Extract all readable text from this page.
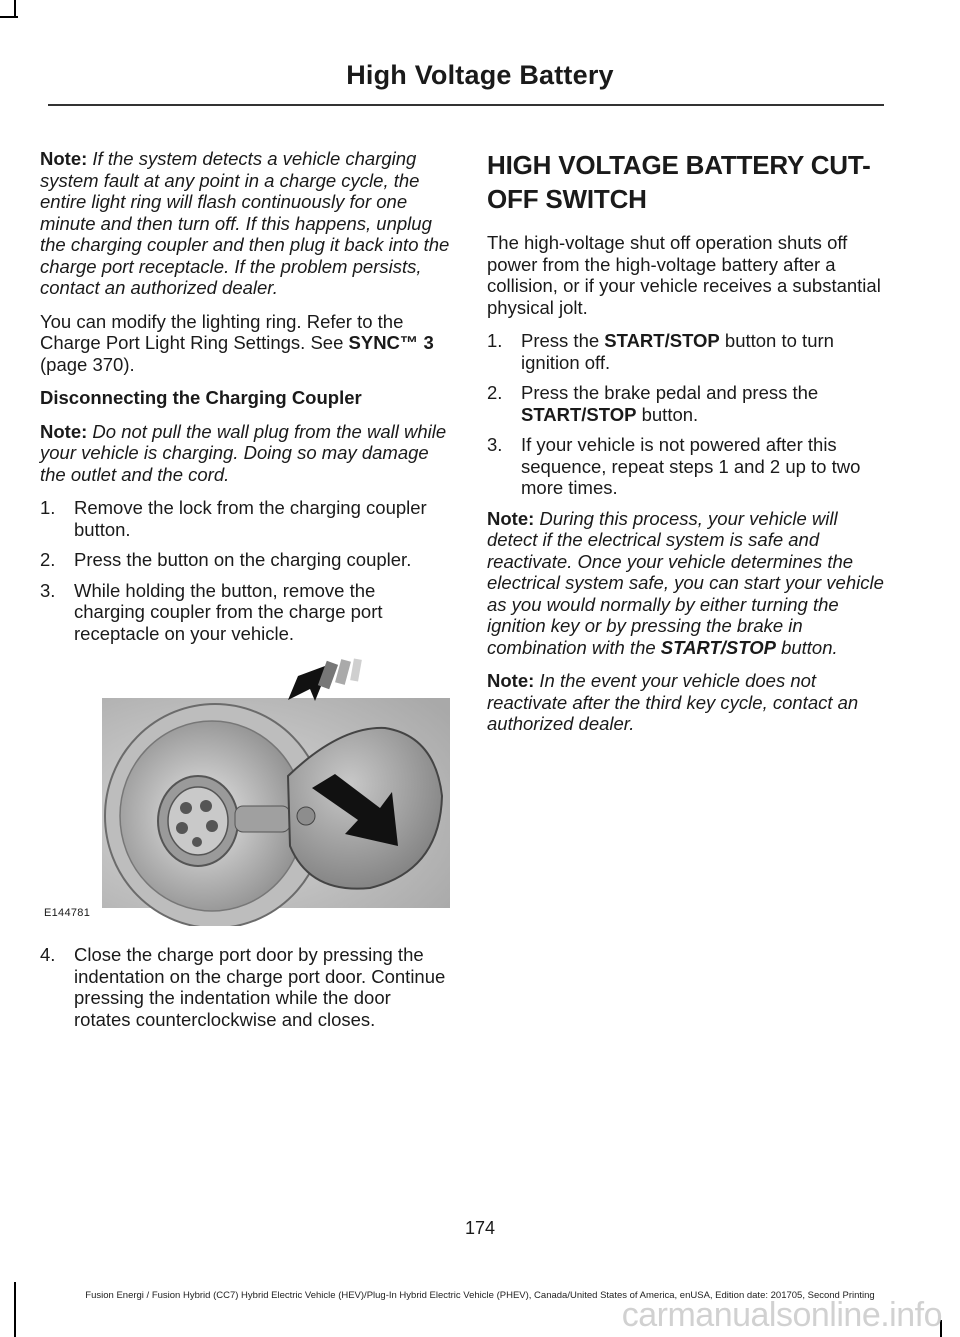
High Voltage Battery

Note: If the system detects a vehicle charging system fault at any point in a charge cycle, the entire light ring will flash continuously for one minute and then turn off. If this happens, unplug the charging coupler and then plug it back into the charge port receptacle. If the problem persists, contact an authorized dealer.

You can modify the lighting ring. Refer to the Charge Port Light Ring Settings. See SYNC™ 3 (page 370).

Disconnecting the Charging Coupler

Note: Do not pull the wall plug from the wall while your vehicle is charging. Doing so may damage the outlet and the cord.

1. Remove the lock from the charging coupler button.
2. Press the button on the charging coupler.
3. While holding the button, remove the charging coupler from the charge port receptacle on your vehicle.
E144781
4. Close the charge port door by pressing the indentation on the charge port door. Continue pressing the indentation while the door rotates counterclockwise and closes.
HIGH VOLTAGE BATTERY CUT-
OFF SWITCH

The high-voltage shut off operation shuts off power from the high-voltage battery after a collision, or if your vehicle receives a substantial physical jolt.

1. Press the START/STOP button to turn ignition off.
2. Press the brake pedal and press the START/STOP button.
3. If your vehicle is not powered after this sequence, repeat steps 1 and 2 up to two more times.

Note: During this process, your vehicle will detect if the electrical system is safe and reactivate. Once your vehicle determines the electrical system safe, you can start your vehicle as you would normally by either turning the ignition key or by pressing the brake in combination with the START/STOP button.

Note: In the event your vehicle does not reactivate after the third key cycle, contact an authorized dealer.

174
Fusion Energi / Fusion Hybrid (CC7) Hybrid Electric Vehicle (HEV)/Plug-In Hybrid Electric Vehicle (PHEV), Canada/United States of America, enUSA, Edition date: 201705, Second Printing
carmanualsonline.info
